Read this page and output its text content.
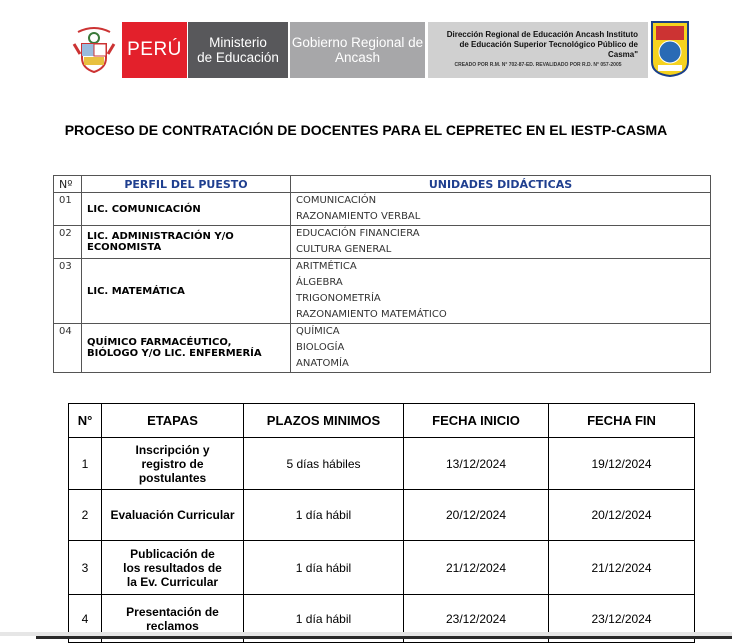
PERÚ	Ministerio
de Educación
Gobierno Regional de
Ancash
Dirección Regional de Educación Ancash Instituto
de Educación Superior Tecnológico Público de Casma"
CREADO POR R.M. N° 702-87-ED. REVALIDADO POR R.D. N° 057-2005
PROCESO DE CONTRATACIÓN DE DOCENTES PARA EL CEPRETEC EN EL IESTP-CASMA
Nº	PERFIL DEL PUESTO	UNIDADES DIDÁCTICAS
01	LIC. COMUNICACIÓN	COMUNICACIÓN
RAZONAMIENTO VERBAL

02	LIC. ADMINISTRACIÓN Y/O ECONOMISTA	EDUCACIÓN FINANCIERA
CULTURA GENERAL

03	LIC. MATEMÁTICA	ARITMÉTICA
ÁLGEBRA
TRIGONOMETRÍA
RAZONAMIENTO MATEMÁTICO

04	QUÍMICO FARMACÉUTICO, BIÓLOGO Y/O LIC. ENFERMERÍA	QUÍMICA
BIOLOGÍA
ANATOMÍA
N°	ETAPAS	PLAZOS MINIMOS	FECHA INICIO	FECHA FIN
1	Inscripción y registro de postulantes	5 días hábiles	13/12/2024	19/12/2024
2	Evaluación Curricular	1 día hábil	20/12/2024	20/12/2024
3	Publicación de los resultados de la Ev. Curricular	1 día hábil	21/12/2024	21/12/2024
4	Presentación de reclamos	1 día hábil	23/12/2024	23/12/2024
